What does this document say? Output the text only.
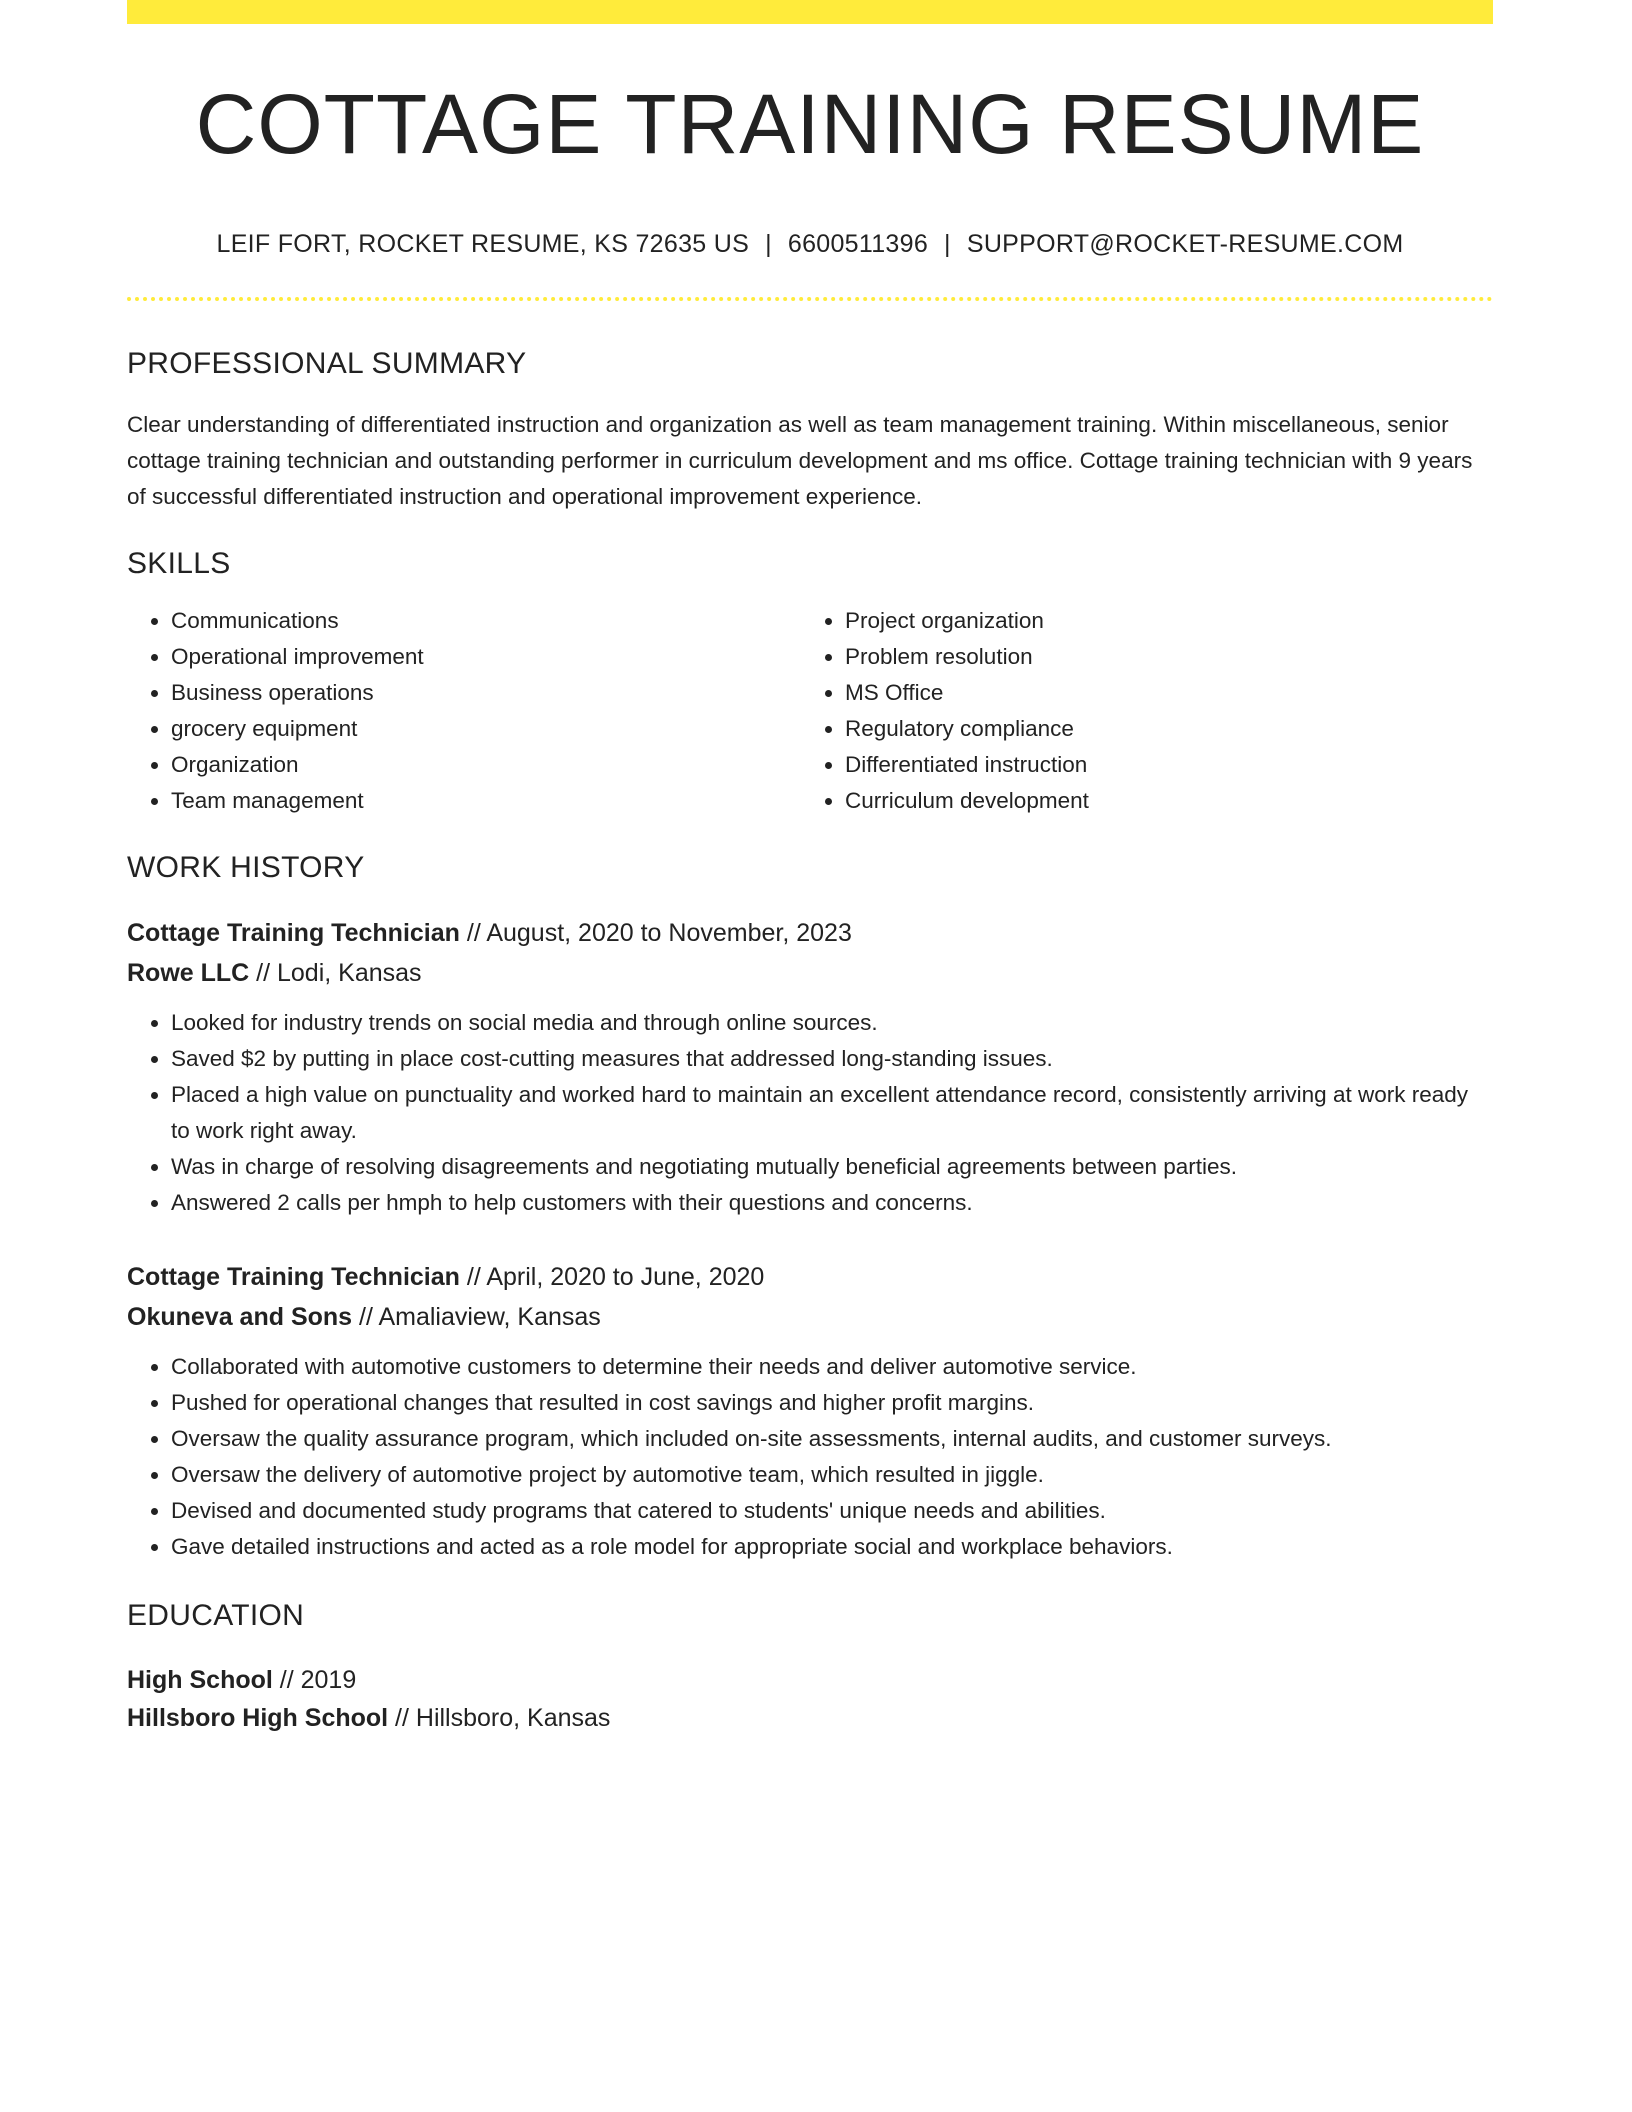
COTTAGE TRAINING RESUME
LEIF FORT, ROCKET RESUME, KS 72635 US | 6600511396 | SUPPORT@ROCKET-RESUME.COM
PROFESSIONAL SUMMARY

Clear understanding of differentiated instruction and organization as well as team management training. Within miscellaneous, senior cottage training technician and outstanding performer in curriculum development and ms office. Cottage training technician with 9 years of successful differentiated instruction and operational improvement experience.

SKILLS
• Communications
• Operational improvement
• Business operations
• grocery equipment
• Organization
• Team management
• Project organization
• Problem resolution
• MS Office
• Regulatory compliance
• Differentiated instruction
• Curriculum development
WORK HISTORY
Cottage Training Technician // August, 2020 to November, 2023
Rowe LLC // Lodi, Kansas
• Looked for industry trends on social media and through online sources.
• Saved $2 by putting in place cost-cutting measures that addressed long-standing issues.
• Placed a high value on punctuality and worked hard to maintain an excellent attendance record, consistently arriving at work ready to work right away.
• Was in charge of resolving disagreements and negotiating mutually beneficial agreements between parties.
• Answered 2 calls per hmph to help customers with their questions and concerns.
Cottage Training Technician // April, 2020 to June, 2020
Okuneva and Sons // Amaliaview, Kansas
• Collaborated with automotive customers to determine their needs and deliver automotive service.
• Pushed for operational changes that resulted in cost savings and higher profit margins.
• Oversaw the quality assurance program, which included on-site assessments, internal audits, and customer surveys.
• Oversaw the delivery of automotive project by automotive team, which resulted in jiggle.
• Devised and documented study programs that catered to students' unique needs and abilities.
• Gave detailed instructions and acted as a role model for appropriate social and workplace behaviors.
EDUCATION
High School // 2019
Hillsboro High School // Hillsboro, Kansas
